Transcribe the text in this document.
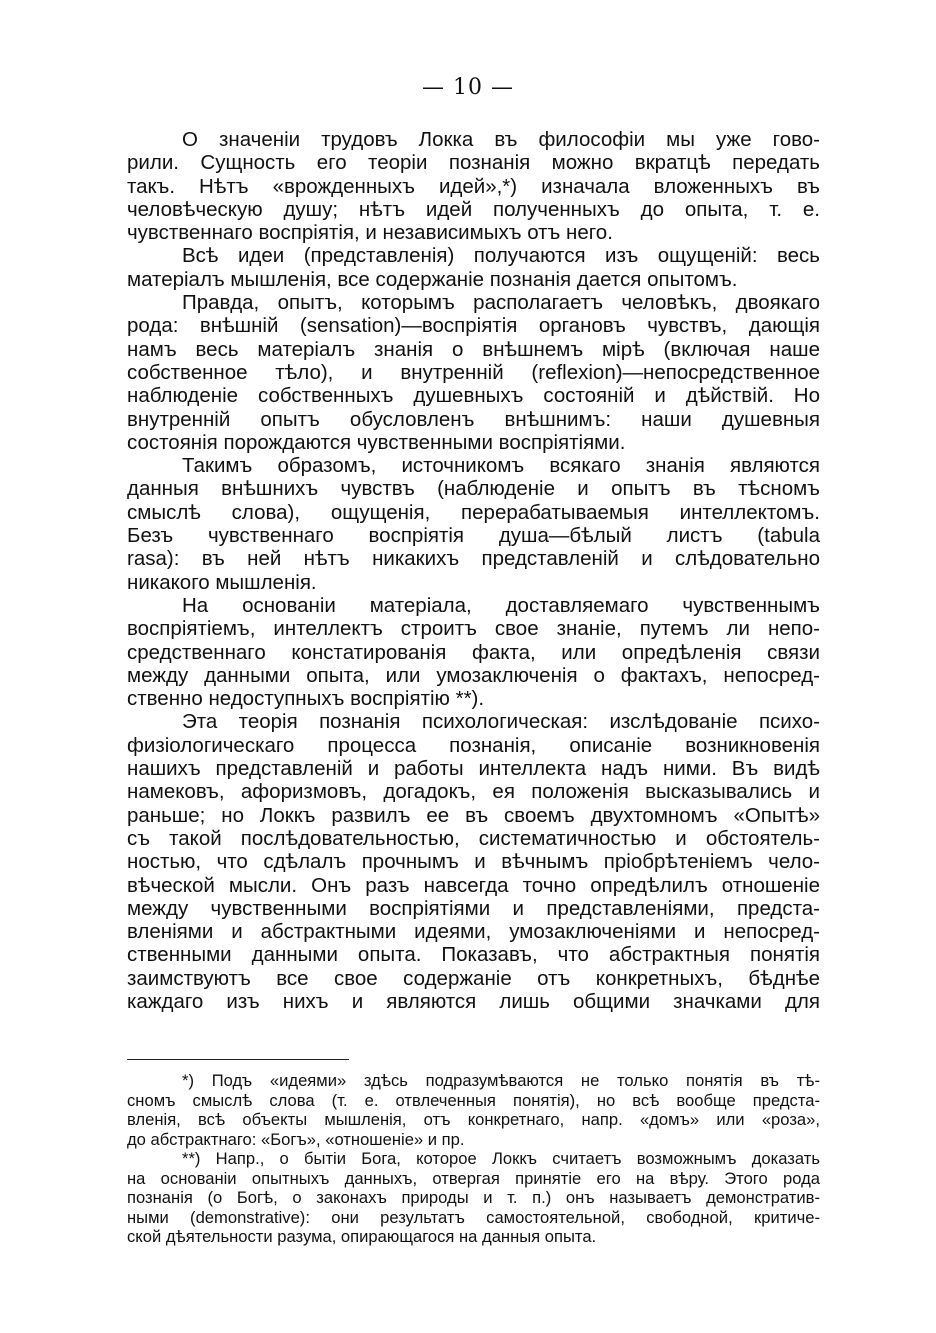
— 10 —
О значеніи трудовъ Локка въ философіи мы уже гово-
рили. Сущность его теоріи познанія можно вкратцѣ передать
такъ. Нѣтъ «врожденныхъ идей»,*) изначала вложенныхъ въ
человѣческую душу; нѣтъ идей полученныхъ до опыта, т. е.
чувственнаго воспріятія, и независимыхъ отъ него.
Всѣ идеи (представленія) получаются изъ ощущеній: весь
матеріалъ мышленія, все содержаніе познанія дается опытомъ.
Правда, опытъ, которымъ располагаетъ человѣкъ, двоякаго
рода: внѣшній (sensation)—воспріятія органовъ чувствъ, дающія
намъ весь матеріалъ знанія о внѣшнемъ мірѣ (включая наше
собственное тѣло), и внутренній (reflexion)—непосредственное
наблюденіе собственныхъ душевныхъ состояній и дѣйствій. Но
внутренній опытъ обусловленъ внѣшнимъ: наши душевныя
состоянія порождаются чувственными воспріятіями.
Такимъ образомъ, источникомъ всякаго знанія являются
данныя внѣшнихъ чувствъ (наблюденіе и опытъ въ тѣсномъ
смыслѣ слова), ощущенія, перерабатываемыя интеллектомъ.
Безъ чувственнаго воспріятія душа—бѣлый листъ (tabula
rasa): въ ней нѣтъ никакихъ представленій и слѣдовательно
никакого мышленія.
На основаніи матеріала, доставляемаго чувственнымъ
воспріятіемъ, интеллектъ строитъ свое знаніе, путемъ ли непо-
средственнаго констатированія факта, или опредѣленія связи
между данными опыта, или умозаключенія о фактахъ, непосред-
ственно недоступныхъ воспріятію **).
Эта теорія познанія психологическая: изслѣдованіе психо-
физіологическаго процесса познанія, описаніе возникновенія
нашихъ представленій и работы интеллекта надъ ними. Въ видѣ
намековъ, афоризмовъ, догадокъ, ея положенія высказывались и
раньше; но Локкъ развилъ ее въ своемъ двухтомномъ «Опытѣ»
съ такой послѣдовательностью, систематичностью и обстоятель-
ностью, что сдѣлалъ прочнымъ и вѣчнымъ пріобрѣтеніемъ чело-
вѣческой мысли. Онъ разъ навсегда точно опредѣлилъ отношеніе
между чувственными воспріятіями и представленіями, предста-
вленіями и абстрактными идеями, умозаключеніями и непосред-
ственными данными опыта. Показавъ, что абстрактныя понятія
заимствуютъ все свое содержаніе отъ конкретныхъ, бѣднѣе
каждаго изъ нихъ и являются лишь общими значками для
*) Подъ «идеями» здѣсь подразумѣваются не только понятія въ тѣ-
сномъ смыслѣ слова (т. е. отвлеченныя понятія), но всѣ вообще предста-
вленія, всѣ объекты мышленія, отъ конкретнаго, напр. «домъ» или «роза»,
до абстрактнаго: «Богъ», «отношеніе» и пр.
**) Напр., о бытіи Бога, которое Локкъ считаетъ возможнымъ доказать
на основаніи опытныхъ данныхъ, отвергая принятіе его на вѣру. Этого рода
познанія (о Богѣ, о законахъ природы и т. п.) онъ называетъ демонстратив-
ными (demonstrative): они результатъ самостоятельной, свободной, критиче-
ской дѣятельности разума, опирающагося на данныя опыта.
